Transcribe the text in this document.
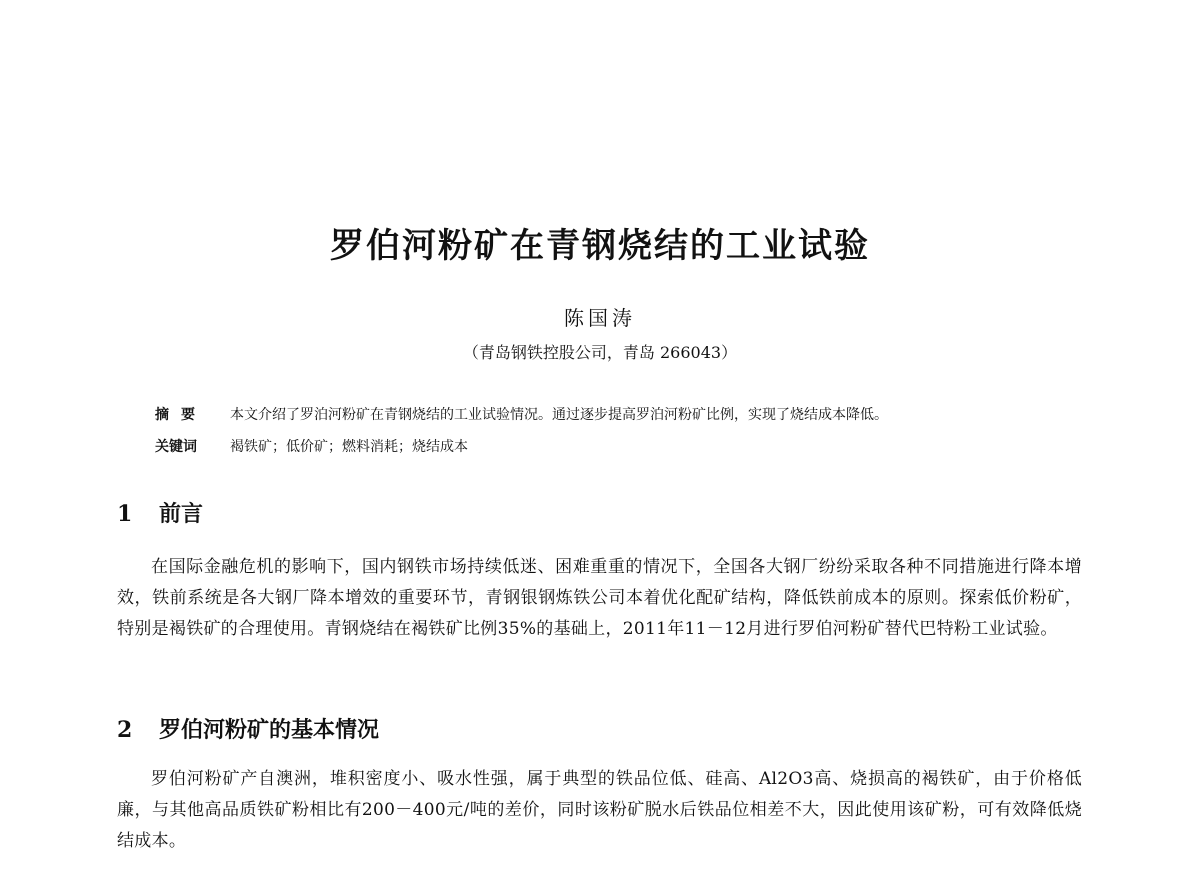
罗伯河粉矿在青钢烧结的工业试验
陈国涛
（青岛钢铁控股公司，青岛 266043）
摘要 本文介绍了罗泊河粉矿在青钢烧结的工业试验情况。通过逐步提高罗泊河粉矿比例，实现了烧结成本降低。
关键词 褐铁矿；低价矿；燃料消耗；烧结成本
1 前言

在国际金融危机的影响下，国内钢铁市场持续低迷、困难重重的情况下，全国各大钢厂纷纷采取各种不同措施进行降本增效，铁前系统是各大钢厂降本增效的重要环节，青钢银钢炼铁公司本着优化配矿结构，降低铁前成本的原则。探索低价粉矿，特别是褐铁矿的合理使用。青钢烧结在褐铁矿比例35%的基础上，2011年11－12月进行罗伯河粉矿替代巴特粉工业试验。

2 罗伯河粉矿的基本情况

罗伯河粉矿产自澳洲，堆积密度小、吸水性强，属于典型的铁品位低、硅高、Al2O3高、烧损高的褐铁矿，由于价格低廉，与其他高品质铁矿粉相比有200－400元/吨的差价，同时该粉矿脱水后铁品位相差不大，因此使用该矿粉，可有效降低烧结成本。
